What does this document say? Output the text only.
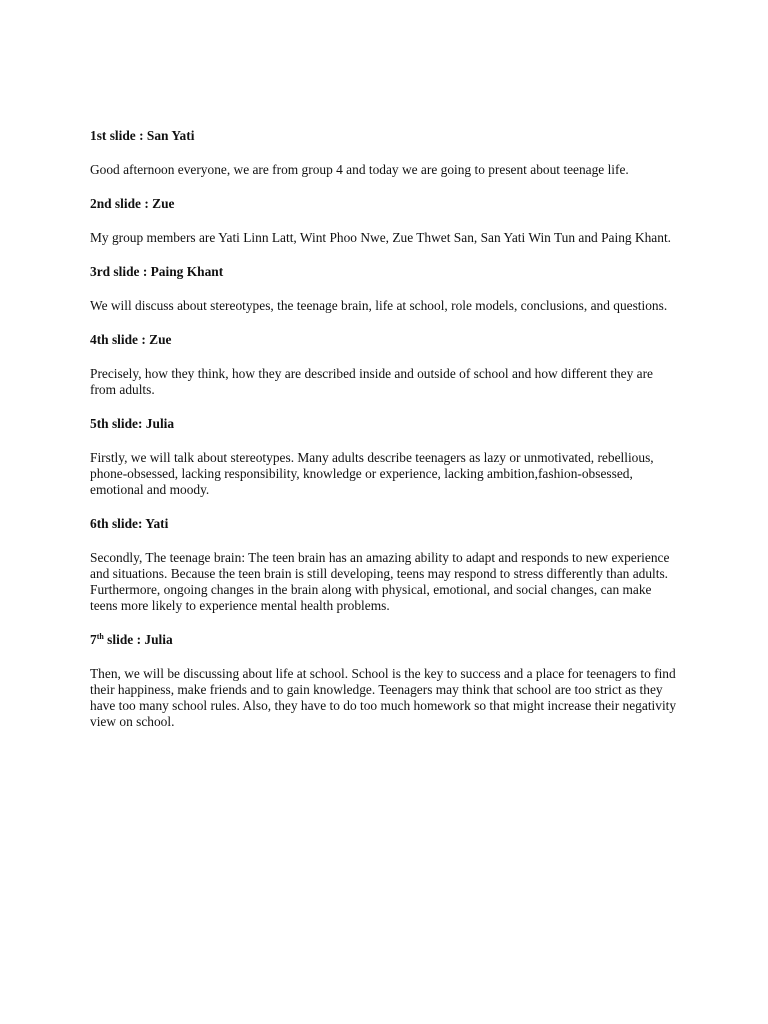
1st slide : San Yati

Good afternoon everyone, we are from group 4 and today we are going to present about teenage life.

2nd slide : Zue

My group members are Yati Linn Latt, Wint Phoo Nwe, Zue Thwet San, San Yati Win Tun and Paing Khant.

3rd slide : Paing Khant

We will discuss about stereotypes, the teenage brain, life at school, role models, conclusions, and questions.

4th slide : Zue

Precisely, how they think, how they are described inside and outside of school and how different they are from adults.

5th slide: Julia

Firstly, we will talk about stereotypes. Many adults describe teenagers as lazy or unmotivated, rebellious, phone-obsessed, lacking responsibility, knowledge or experience, lacking ambition,fashion-obsessed, emotional and moody.

6th slide: Yati

Secondly, The teenage brain: The teen brain has an amazing ability to adapt and responds to new experience and situations. Because the teen brain is still developing, teens may respond to stress differently than adults. Furthermore, ongoing changes in the brain along with physical, emotional, and social changes, can make teens more likely to experience mental health problems.

7th slide : Julia

Then, we will be discussing about life at school. School is the key to success and a place for teenagers to find their happiness, make friends and to gain knowledge. Teenagers may think that school are too strict as they have too many school rules. Also, they have to do too much homework so that might increase their negativity view on school.
